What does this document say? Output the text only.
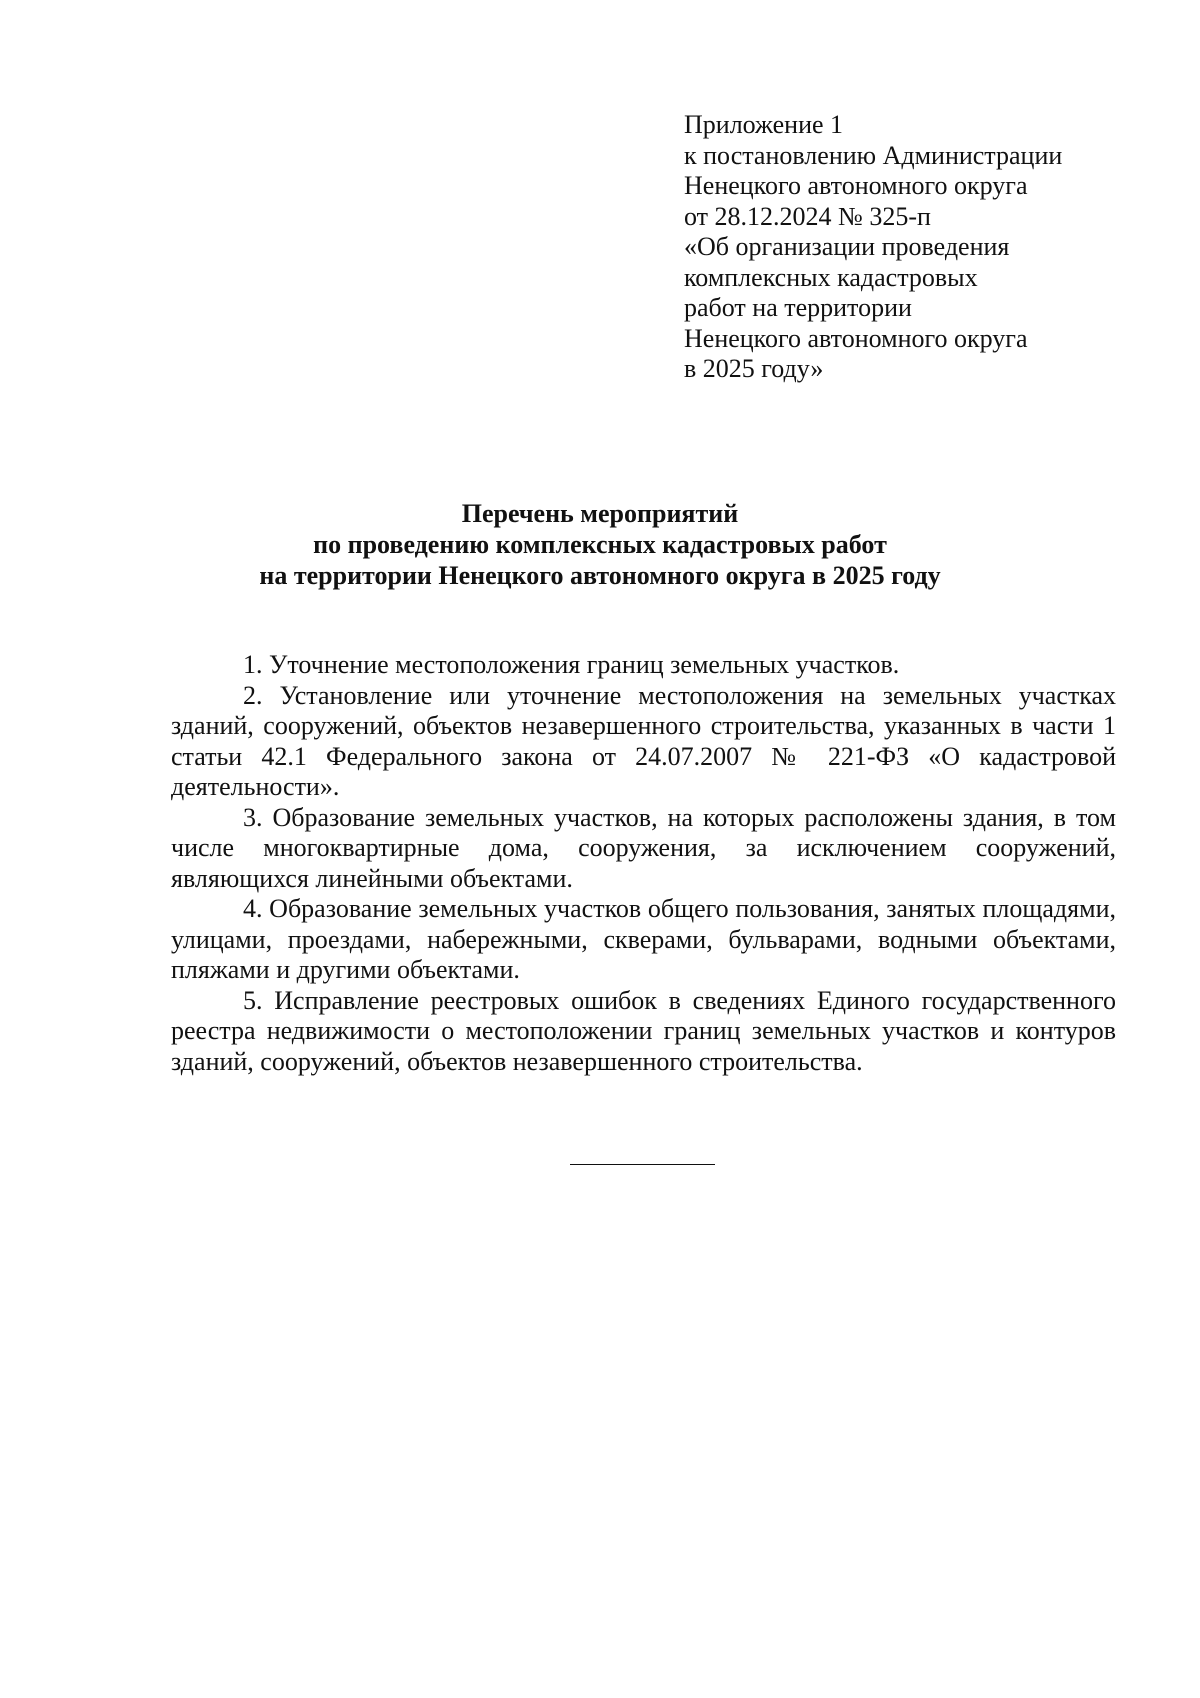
Приложение 1
к постановлению Администрации
Ненецкого автономного округа
от 28.12.2024 № 325-п
«Об организации проведения
комплексных кадастровых
работ на территории
Ненецкого автономного округа
в 2025 году»
Перечень мероприятий
по проведению комплексных кадастровых работ
на территории Ненецкого автономного округа в 2025 году

1. Уточнение местоположения границ земельных участков.

2. Установление или уточнение местоположения на земельных участках зданий, сооружений, объектов незавершенного строительства, указанных в части 1 статьи 42.1 Федерального закона от 24.07.2007 № 221-ФЗ «О кадастровой деятельности».

3. Образование земельных участков, на которых расположены здания, в том числе многоквартирные дома, сооружения, за исключением сооружений, являющихся линейными объектами.

4. Образование земельных участков общего пользования, занятых площадями, улицами, проездами, набережными, скверами, бульварами, водными объектами, пляжами и другими объектами.

5. Исправление реестровых ошибок в сведениях Единого государственного реестра недвижимости о местоположении границ земельных участков и контуров зданий, сооружений, объектов незавершенного строительства.
